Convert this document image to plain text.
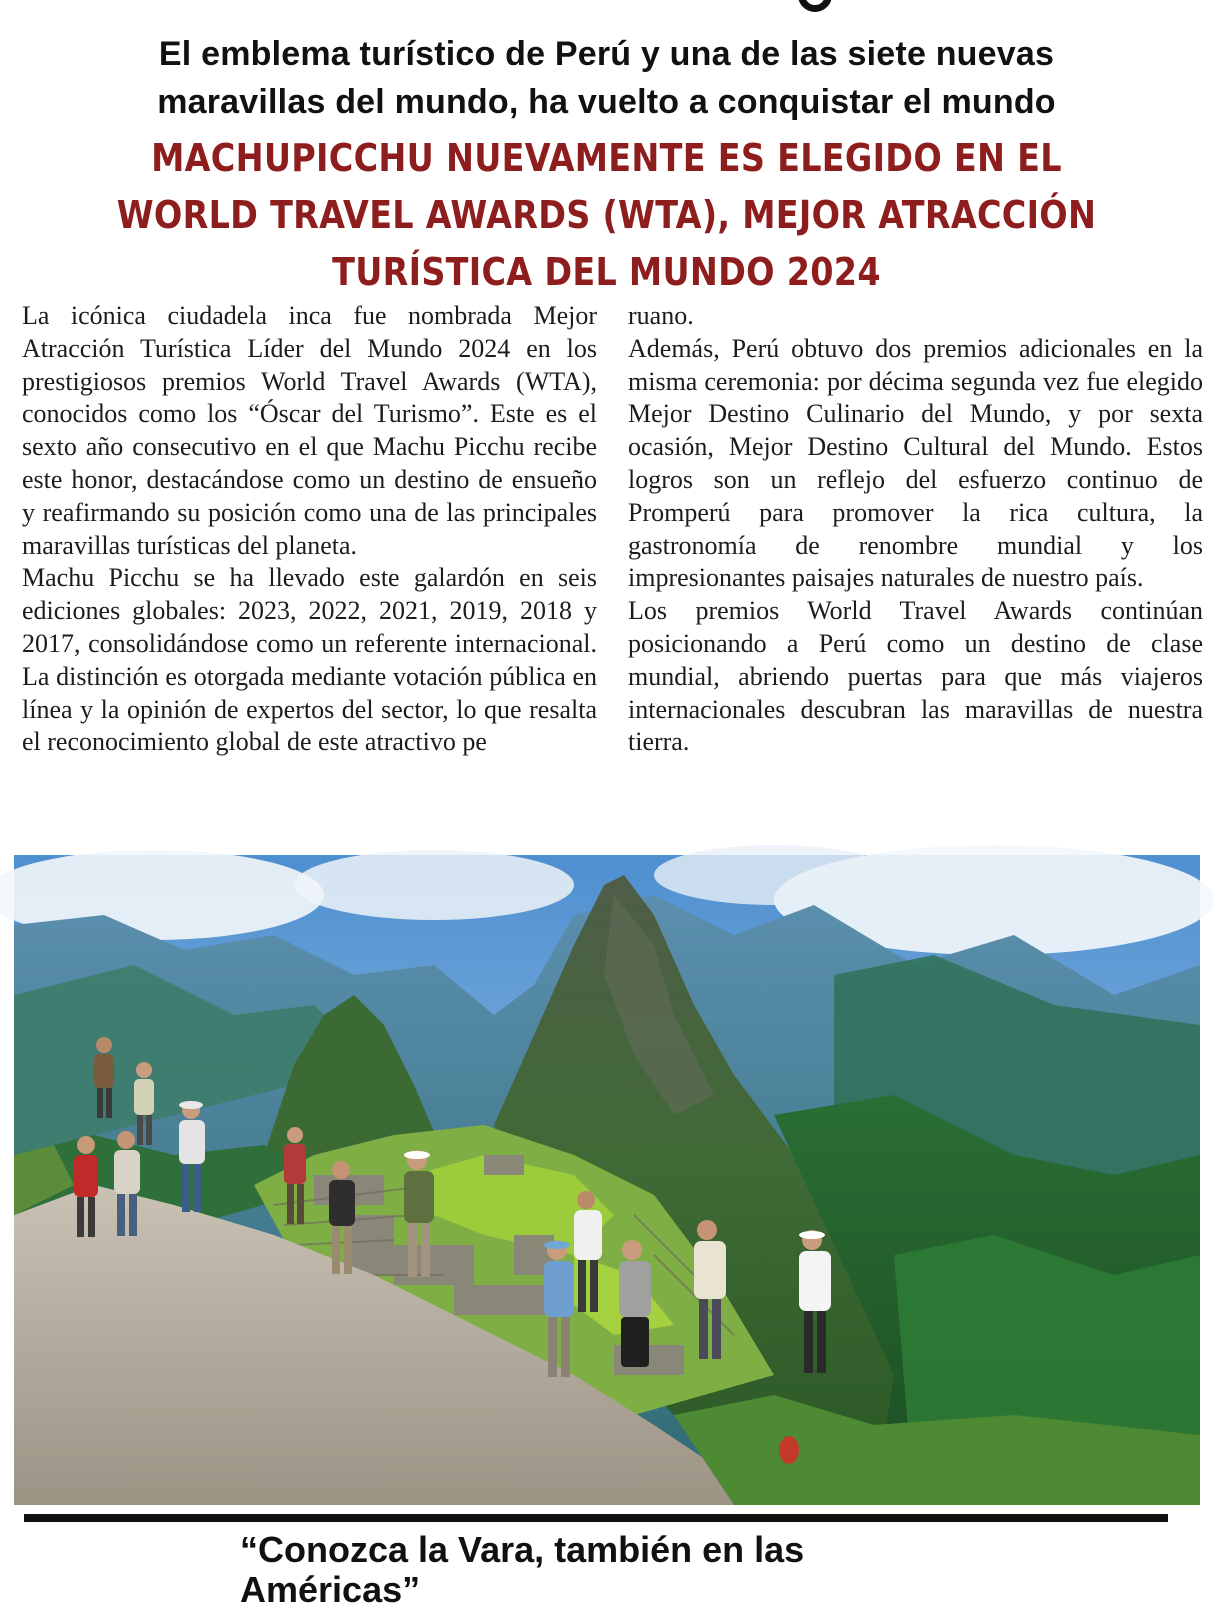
El emblema turístico de Perú y una de las siete nuevas
maravillas del mundo, ha vuelto a conquistar el mundo
MACHUPICCHU NUEVAMENTE ES ELEGIDO EN EL
WORLD TRAVEL AWARDS (WTA), MEJOR ATRACCIÓN
TURÍSTICA DEL MUNDO 2024

La icónica ciudadela inca fue nombrada Mejor Atracción Turística Líder del Mundo 2024 en los prestigiosos premios World Travel Awards (WTA), conocidos como los “Óscar del Turismo”. Este es el sexto año consecutivo en el que Machu Picchu recibe este honor, destacándose como un destino de ensueño y reafirmando su posición como una de las principales maravillas turísticas del planeta.

Machu Picchu se ha llevado este galardón en seis ediciones globales: 2023, 2022, 2021, 2019, 2018 y 2017, consolidándose como un referente internacional. La distinción es otorgada mediante votación pública en línea y la opinión de expertos del sector, lo que resalta el reconocimiento global de este atractivo pe

ruano.

Además, Perú obtuvo dos premios adicionales en la misma ceremonia: por décima segunda vez fue elegido Mejor Destino Culinario del Mundo, y por sexta ocasión, Mejor Destino Cultural del Mundo. Estos logros son un reflejo del esfuerzo continuo de Promperú para promover la rica cultura, la gastronomía de renombre mundial y los impresionantes paisajes naturales de nuestro país.

Los premios World Travel Awards continúan posicionando a Perú como un destino de clase mundial, abriendo puertas para que más viajeros internacionales descubran las maravillas de nuestra tierra.

“Conozca la Vara, también en las Américas”
